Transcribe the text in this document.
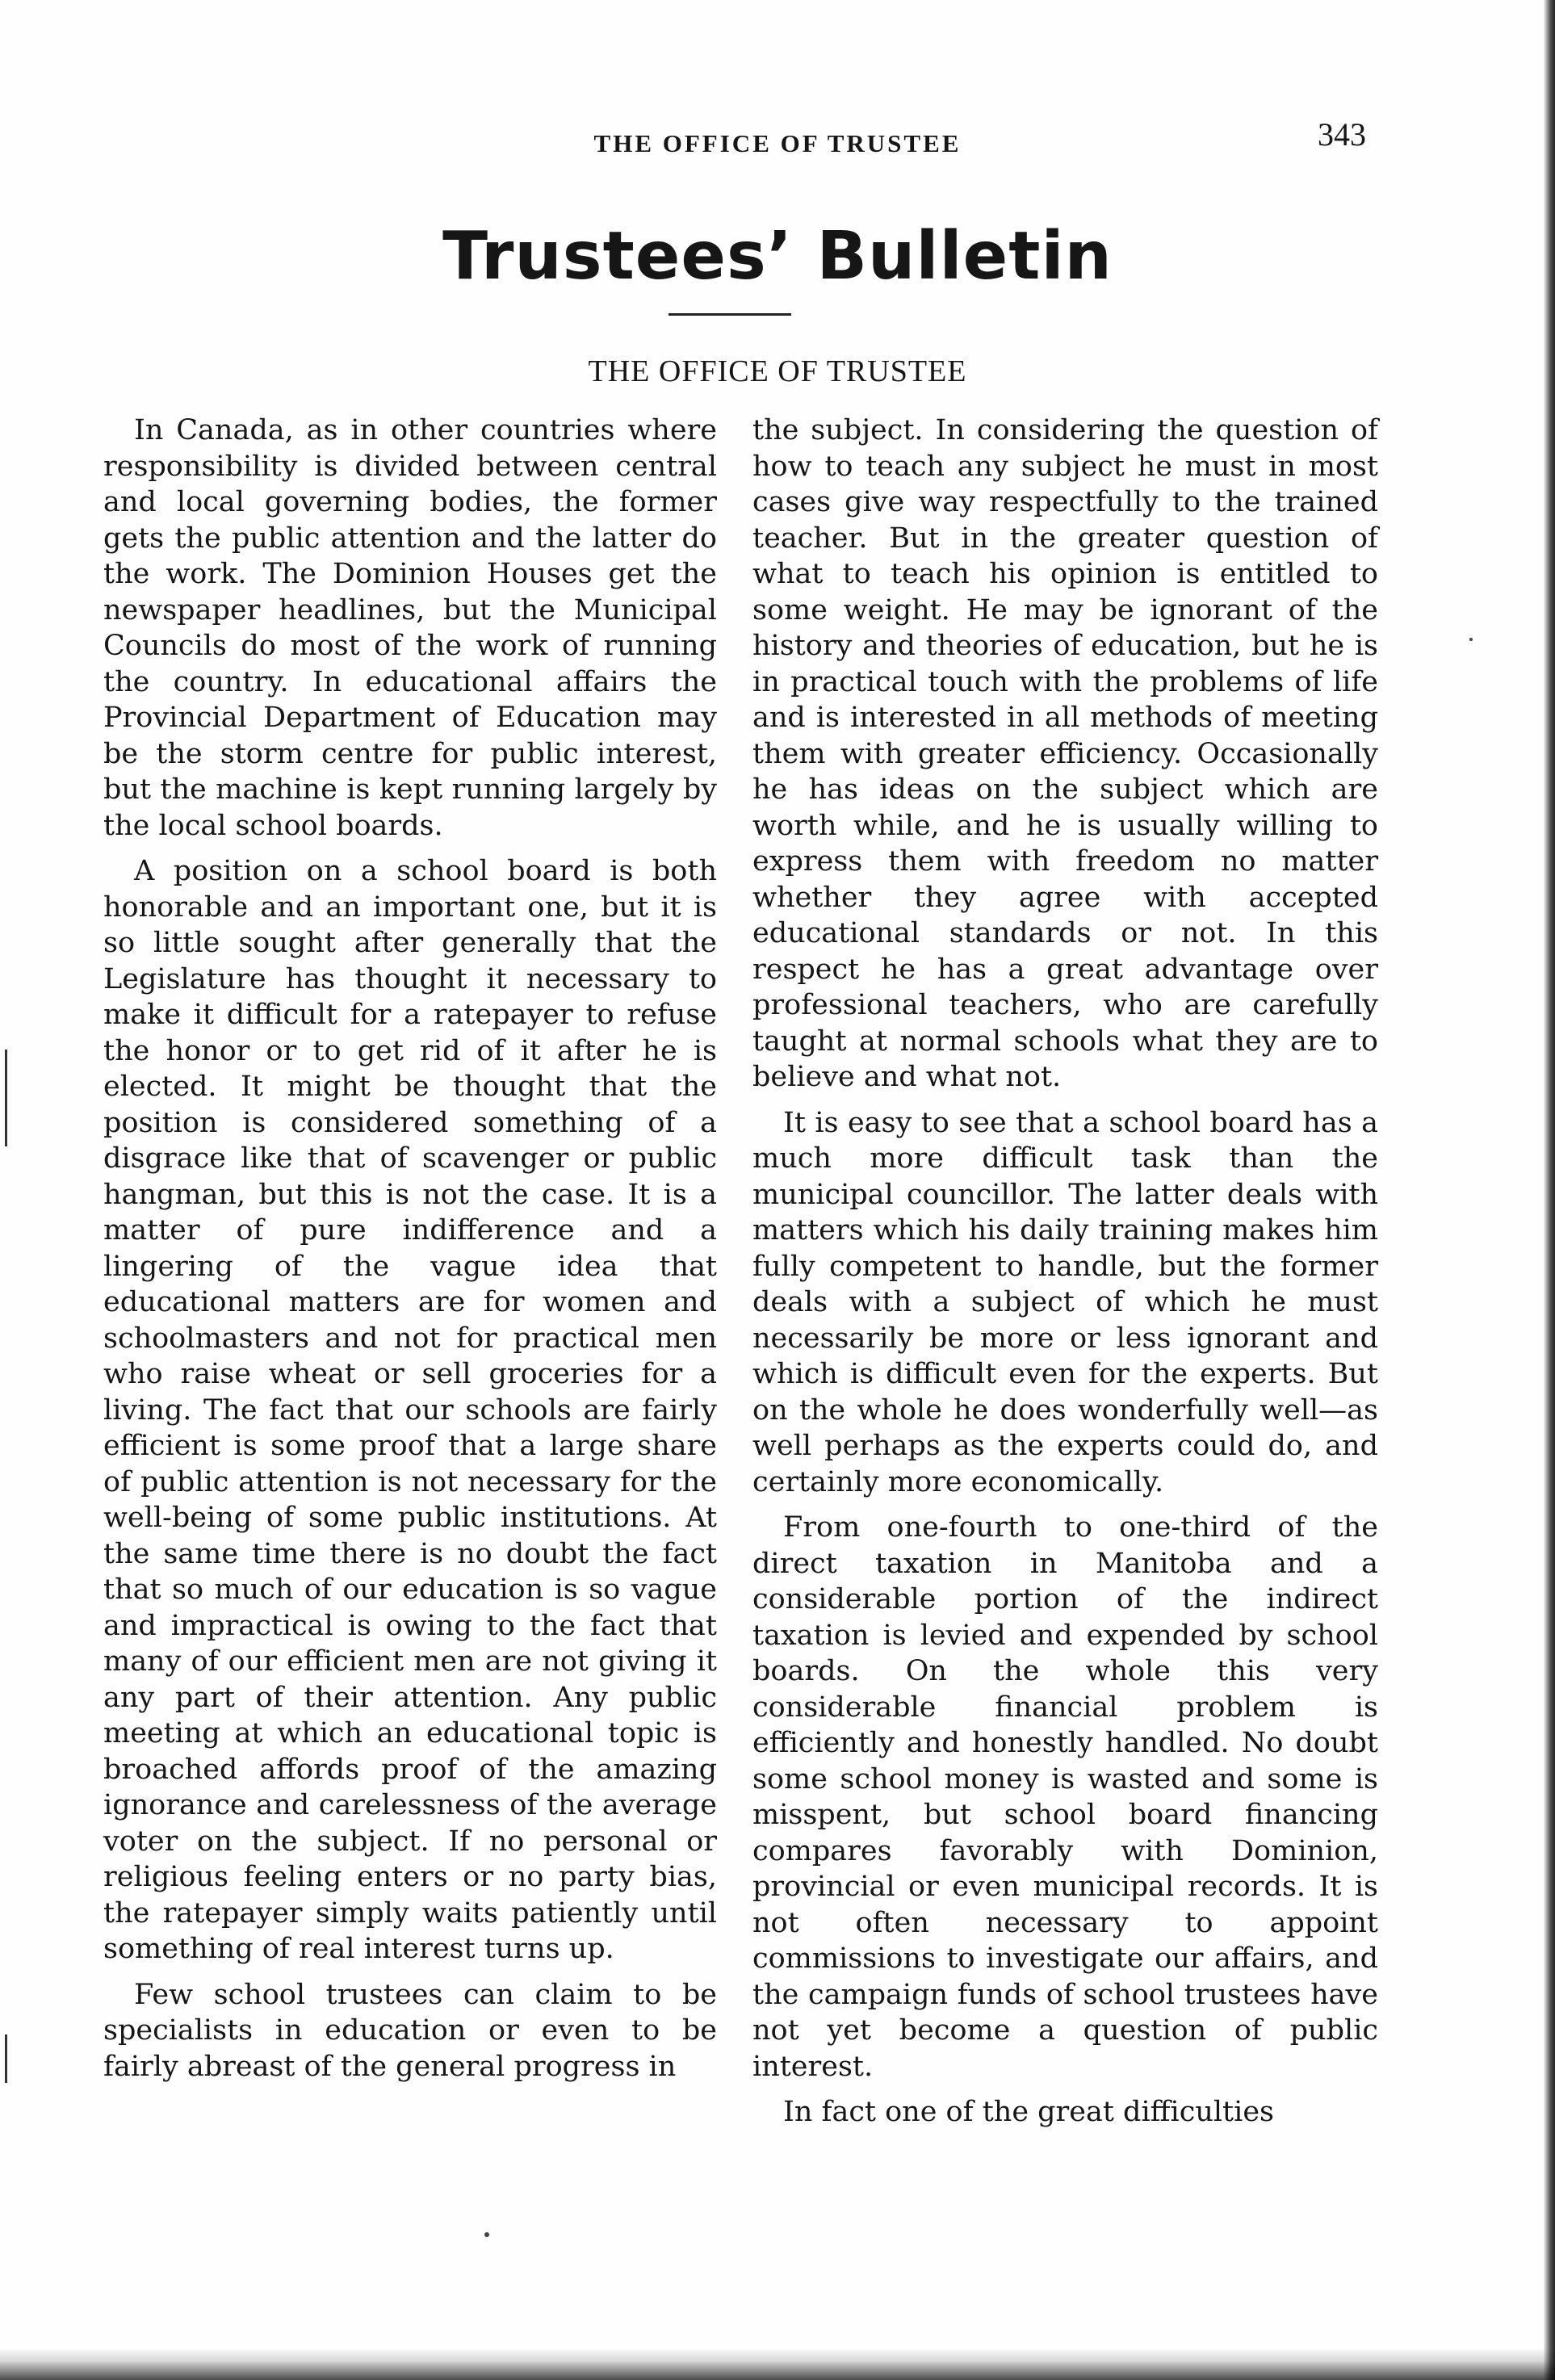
THE OFFICE OF TRUSTEE	343
Trustees’ Bulletin
THE OFFICE OF TRUSTEE

In Canada, as in other countries where responsibility is divided between central and local governing bodies, the former gets the public attention and the latter do the work. The Dominion Houses get the newspaper headlines, but the Municipal Councils do most of the work of running the country. In educational affairs the Provincial Department of Education may be the storm centre for public interest, but the machine is kept running largely by the local school boards.

A position on a school board is both honorable and an important one, but it is so little sought after generally that the Legislature has thought it necessary to make it difficult for a ratepayer to refuse the honor or to get rid of it after he is elected. It might be thought that the position is considered something of a disgrace like that of scavenger or public hangman, but this is not the case. It is a matter of pure indifference and a lingering of the vague idea that educational matters are for women and schoolmasters and not for practical men who raise wheat or sell groceries for a living. The fact that our schools are fairly efficient is some proof that a large share of public attention is not necessary for the well-being of some public institutions. At the same time there is no doubt the fact that so much of our education is so vague and impractical is owing to the fact that many of our efficient men are not giving it any part of their attention. Any public meeting at which an educational topic is broached affords proof of the amazing ignorance and carelessness of the average voter on the subject. If no personal or religious feeling enters or no party bias, the ratepayer simply waits patiently until something of real interest turns up.

Few school trustees can claim to be specialists in education or even to be fairly abreast of the general progress in

the subject. In considering the question of how to teach any subject he must in most cases give way respectfully to the trained teacher. But in the greater question of what to teach his opinion is entitled to some weight. He may be ignorant of the history and theories of education, but he is in practical touch with the problems of life and is interested in all methods of meeting them with greater efficiency. Occasionally he has ideas on the subject which are worth while, and he is usually willing to express them with freedom no matter whether they agree with accepted educational standards or not. In this respect he has a great advantage over professional teachers, who are carefully taught at normal schools what they are to believe and what not.

It is easy to see that a school board has a much more difficult task than the municipal councillor. The latter deals with matters which his daily training makes him fully competent to handle, but the former deals with a subject of which he must necessarily be more or less ignorant and which is difficult even for the experts. But on the whole he does wonderfully well—as well perhaps as the experts could do, and certainly more economically.

From one-fourth to one-third of the direct taxation in Manitoba and a considerable portion of the indirect taxation is levied and expended by school boards. On the whole this very considerable financial problem is efficiently and honestly handled. No doubt some school money is wasted and some is misspent, but school board financing compares favorably with Dominion, provincial or even municipal records. It is not often necessary to appoint commissions to investigate our affairs, and the campaign funds of school trustees have not yet become a question of public interest.

In fact one of the great difficulties
